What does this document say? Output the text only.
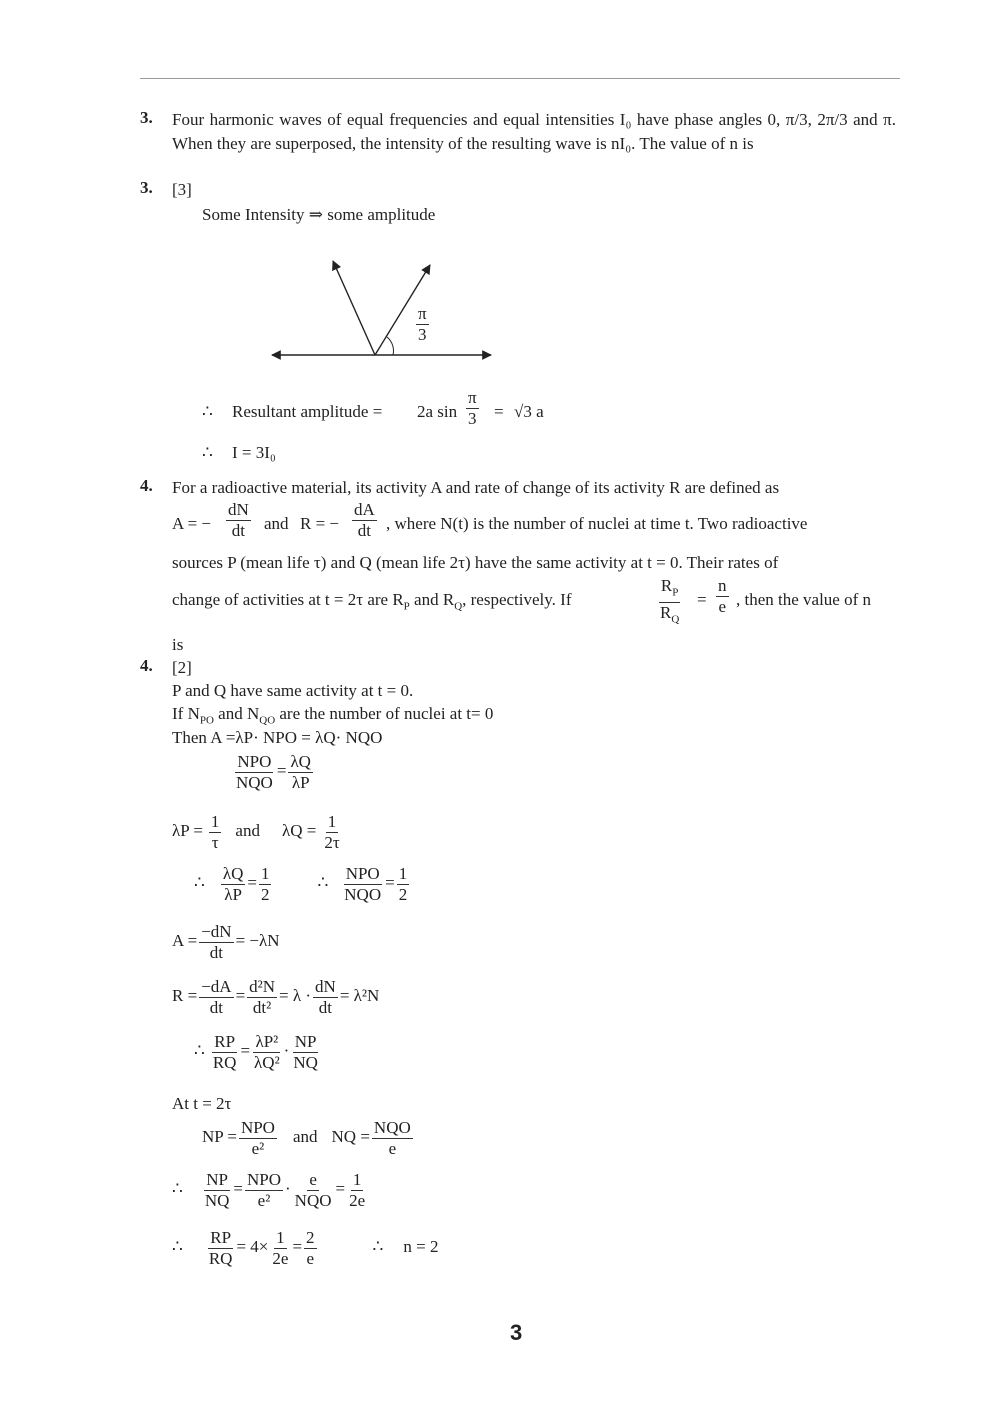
3. Four harmonic waves of equal frequencies and equal intensities I₀ have phase angles 0, π/3, 2π/3 and π. When they are superposed, the intensity of the resulting wave is nI₀. The value of n is
3. [3]
Some Intensity ⇒ some amplitude
$\frac{\pi}{3}$
∴ Resultant amplitude = 2a $\sin \frac{\pi}{3} = √3$ a
∴ I = 3I₀
4. For a radioactive material, its activity A and rate of change of its activity R are defined as
A = − $\frac{dN}{dt}$ and R = − $\frac{dA}{dt}$ , where N(t) is the number of nuclei at time t. Two radioactive
sources P (mean life τ) and Q (mean life 2τ) have the same activity at t = 0. Their rates of
change of activities at t = 2τ are $R_P$ and $R_Q$, respectively. If	$\frac{R_P}{R_Q} = \frac{n}{e}$ , then the value of n
is
4. [2]
P and Q have same activity at t = 0.
If $N_{PO}$ and $N_{QO}$ are the number of nuclei at t= 0
Then A =λP· NPO = λQ· NQO
$\frac{\text{NPO}}{\text{NQO}} = \frac{\lambda Q}{\lambda P}$
$\lambda P = \frac{1}{\tau}$ and $\lambda Q = \frac{1}{2\tau}$
∴ $\frac{\lambda Q}{\lambda P} = \frac{1}{2}$	∴ $\frac{\text{NPO}}{\text{NQO}} = \frac{1}{2}$
$A = \frac{-dN}{dt} = -\lambda N$
$R = \frac{-dA}{dt} = \frac{\text{d²N}}{\text{dt²}} = \lambda \cdot \frac{dN}{dt} = \lambda^2N$
∴ $\frac{RP}{RQ} = \frac{\text{λP²}}{\text{λQ²}} \cdot \frac{NP}{NQ}$
At t = 2τ
NP = $\frac{\text{NPO}}{\text{e²}}$ and NQ = $\frac{\text{NQO}}{e}$
∴ $\frac{NP}{NQ} = \frac{\text{NPO}}{\text{e²}} \cdot \frac{e}{\text{NQO}} = \frac{1}{2e}$
∴ $\frac{RP}{RQ} = 4\times \frac{1}{2e} = \frac{2}{e}$	∴ n = 2
3
